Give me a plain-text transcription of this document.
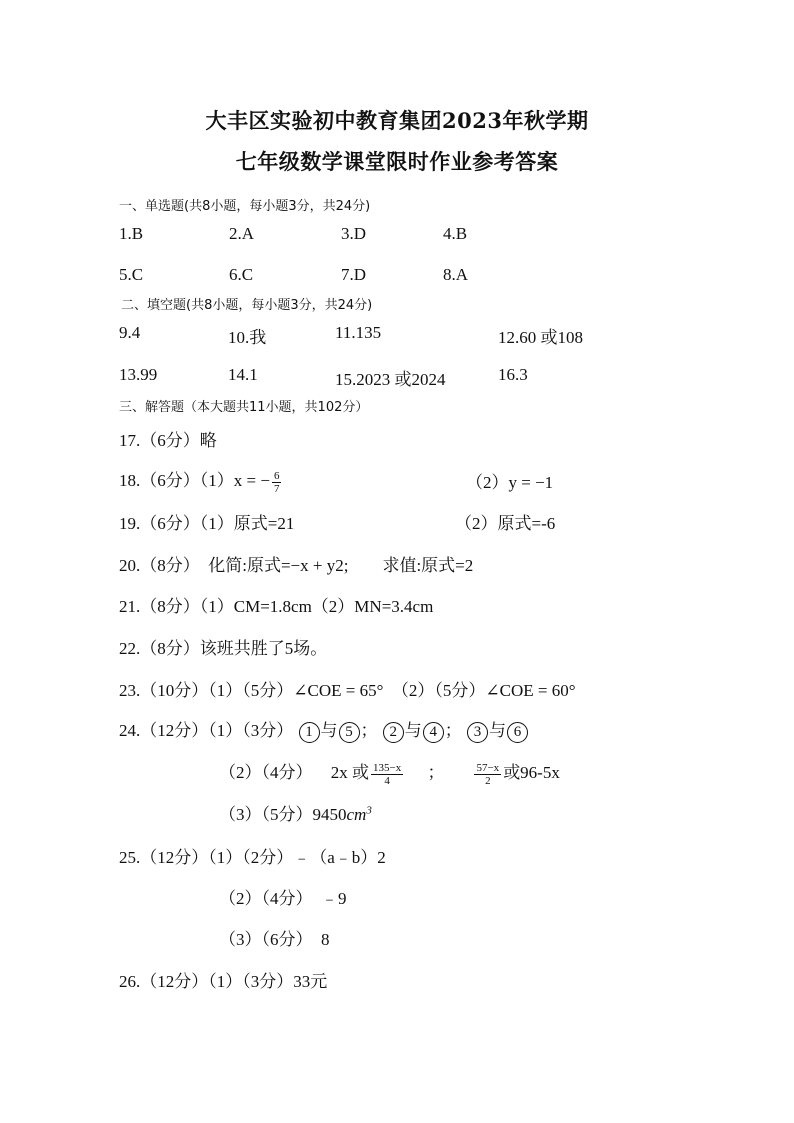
大丰区实验初中教育集团2023年秋学期
七年级数学课堂限时作业参考答案
一、单选题(共8小题，每小题3分，共24分)
1.B	2.A	3.D	4.B
5.C	6.C	7.D	8.A
二、填空题(共8小题，每小题3分，共24分)
9.4	10.我	11.135	12.60 或108
13.99	14.1	15.2023 或2024	16.3
三、解答题（本大题共11小题，共102分）
17.（6分）略
18.（6分）（1）x = − $\frac{6}{7}$	（2）y = −1
19.（6分）（1）原式=21	（2）原式=-6
20.（8分）　化简:原式=−x + y2;　　求值:原式=2
21.（8分）（1）CM=1.8cm（2）MN=3.4cm
22.（8分）该班共胜了5场。
23.（10分）（1）（5分）∠COE = 65°　（2）（5分）∠COE = 60°
24.（12分）（1）（3分） 1 与 5 ； 2 与 4 ； 3 与 6
（2）（4分） 2x 或 $\frac{135-x}{4}$ ；	$\frac{57-x}{2}$ 或96-5x
（3）（5分）$9450cm^3$
25.（12分）（1）（2分）﹣（a﹣b）2
（2）（4分）　﹣9
（3）（6分）　8
26.（12分）（1）（3分）33元
